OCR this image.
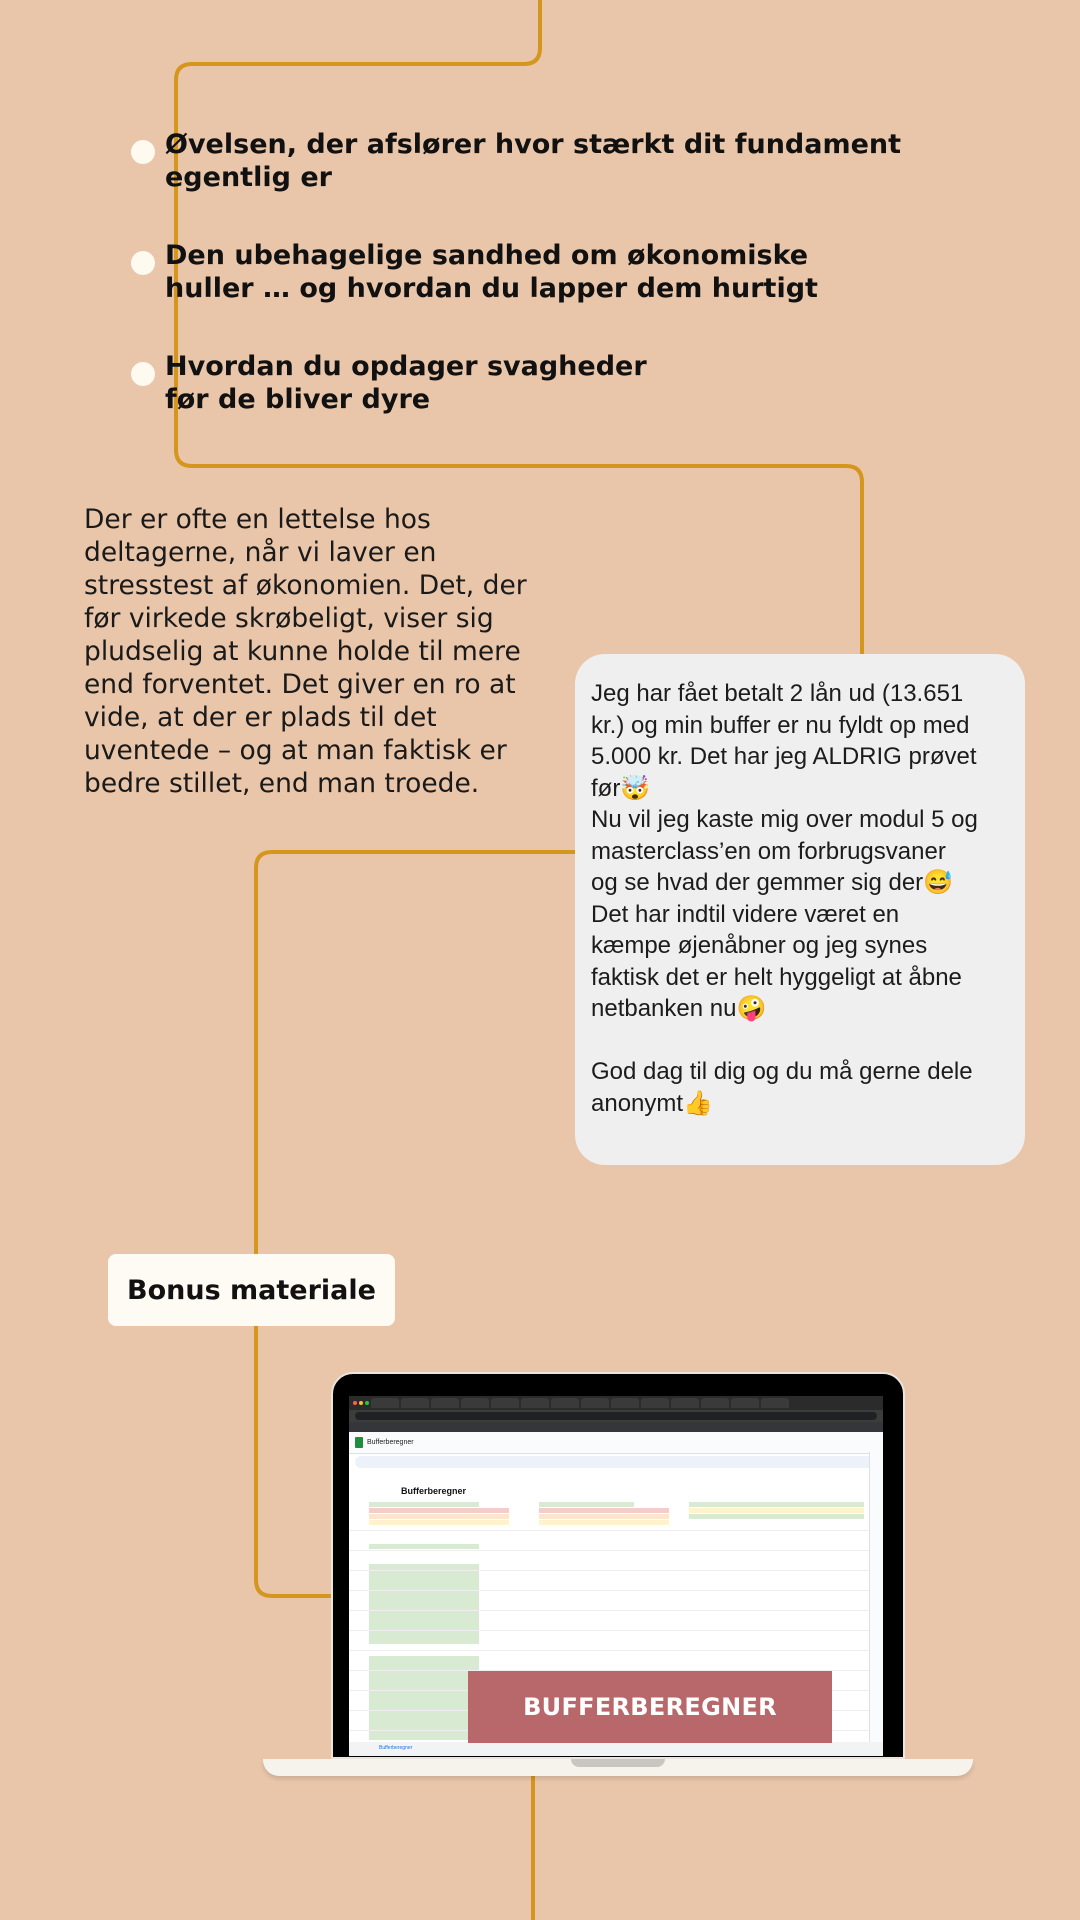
Øvelsen, der afslører hvor stærkt dit fundament
egentlig er
Den ubehagelige sandhed om økonomiske
huller … og hvordan du lapper dem hurtigt
Hvordan du opdager svagheder
før de bliver dyre

Der er ofte en lettelse hos
deltagerne, når vi laver en
stresstest af økonomien. Det, der
før virkede skrøbeligt, viser sig
pludselig at kunne holde til mere
end forventet. Det giver en ro at
vide, at der er plads til det
uventede – og at man faktisk er
bedre stillet, end man troede.

Jeg har fået betalt 2 lån ud (13.651
kr.) og min buffer er nu fyldt op med
5.000 kr. Det har jeg ALDRIG prøvet
før🤯
Nu vil jeg kaste mig over modul 5 og
masterclass’en om forbrugsvaner
og se hvad der gemmer sig der😅
Det har indtil videre været en
kæmpe øjenåbner og jeg synes
faktisk det er helt hyggeligt at åbne
netbanken nu🤪

God dag til dig og du må gerne dele
anonymt👍
Bonus materiale
Bufferberegner
Bufferberegner
Bufferberegner
BUFFERBEREGNER
